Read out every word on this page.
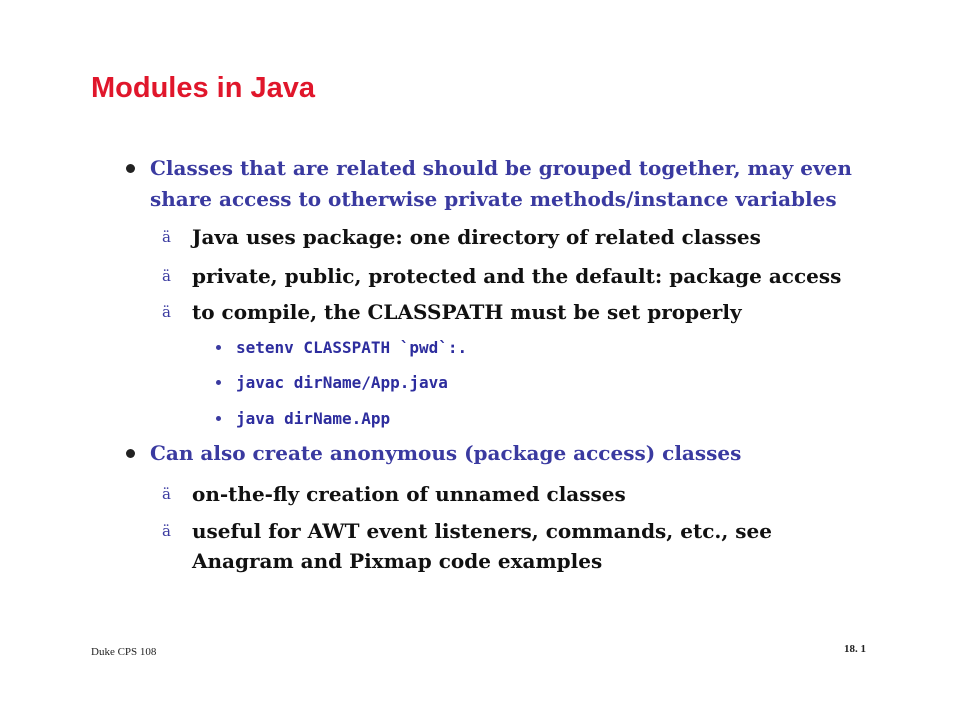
Modules in Java
Classes that are related should be grouped together, may even
share access to otherwise private methods/instance variables
ä Java uses package: one directory of related classes
ä private, public, protected and the default: package access
ä to compile, the CLASSPATH must be set properly
setenv CLASSPATH `pwd`:.
javac dirName/App.java
java dirName.App
Can also create anonymous (package access) classes
ä on-the-fly creation of unnamed classes
ä useful for AWT event listeners, commands, etc., see
Anagram and Pixmap code examples
Duke CPS 108	18. 1
